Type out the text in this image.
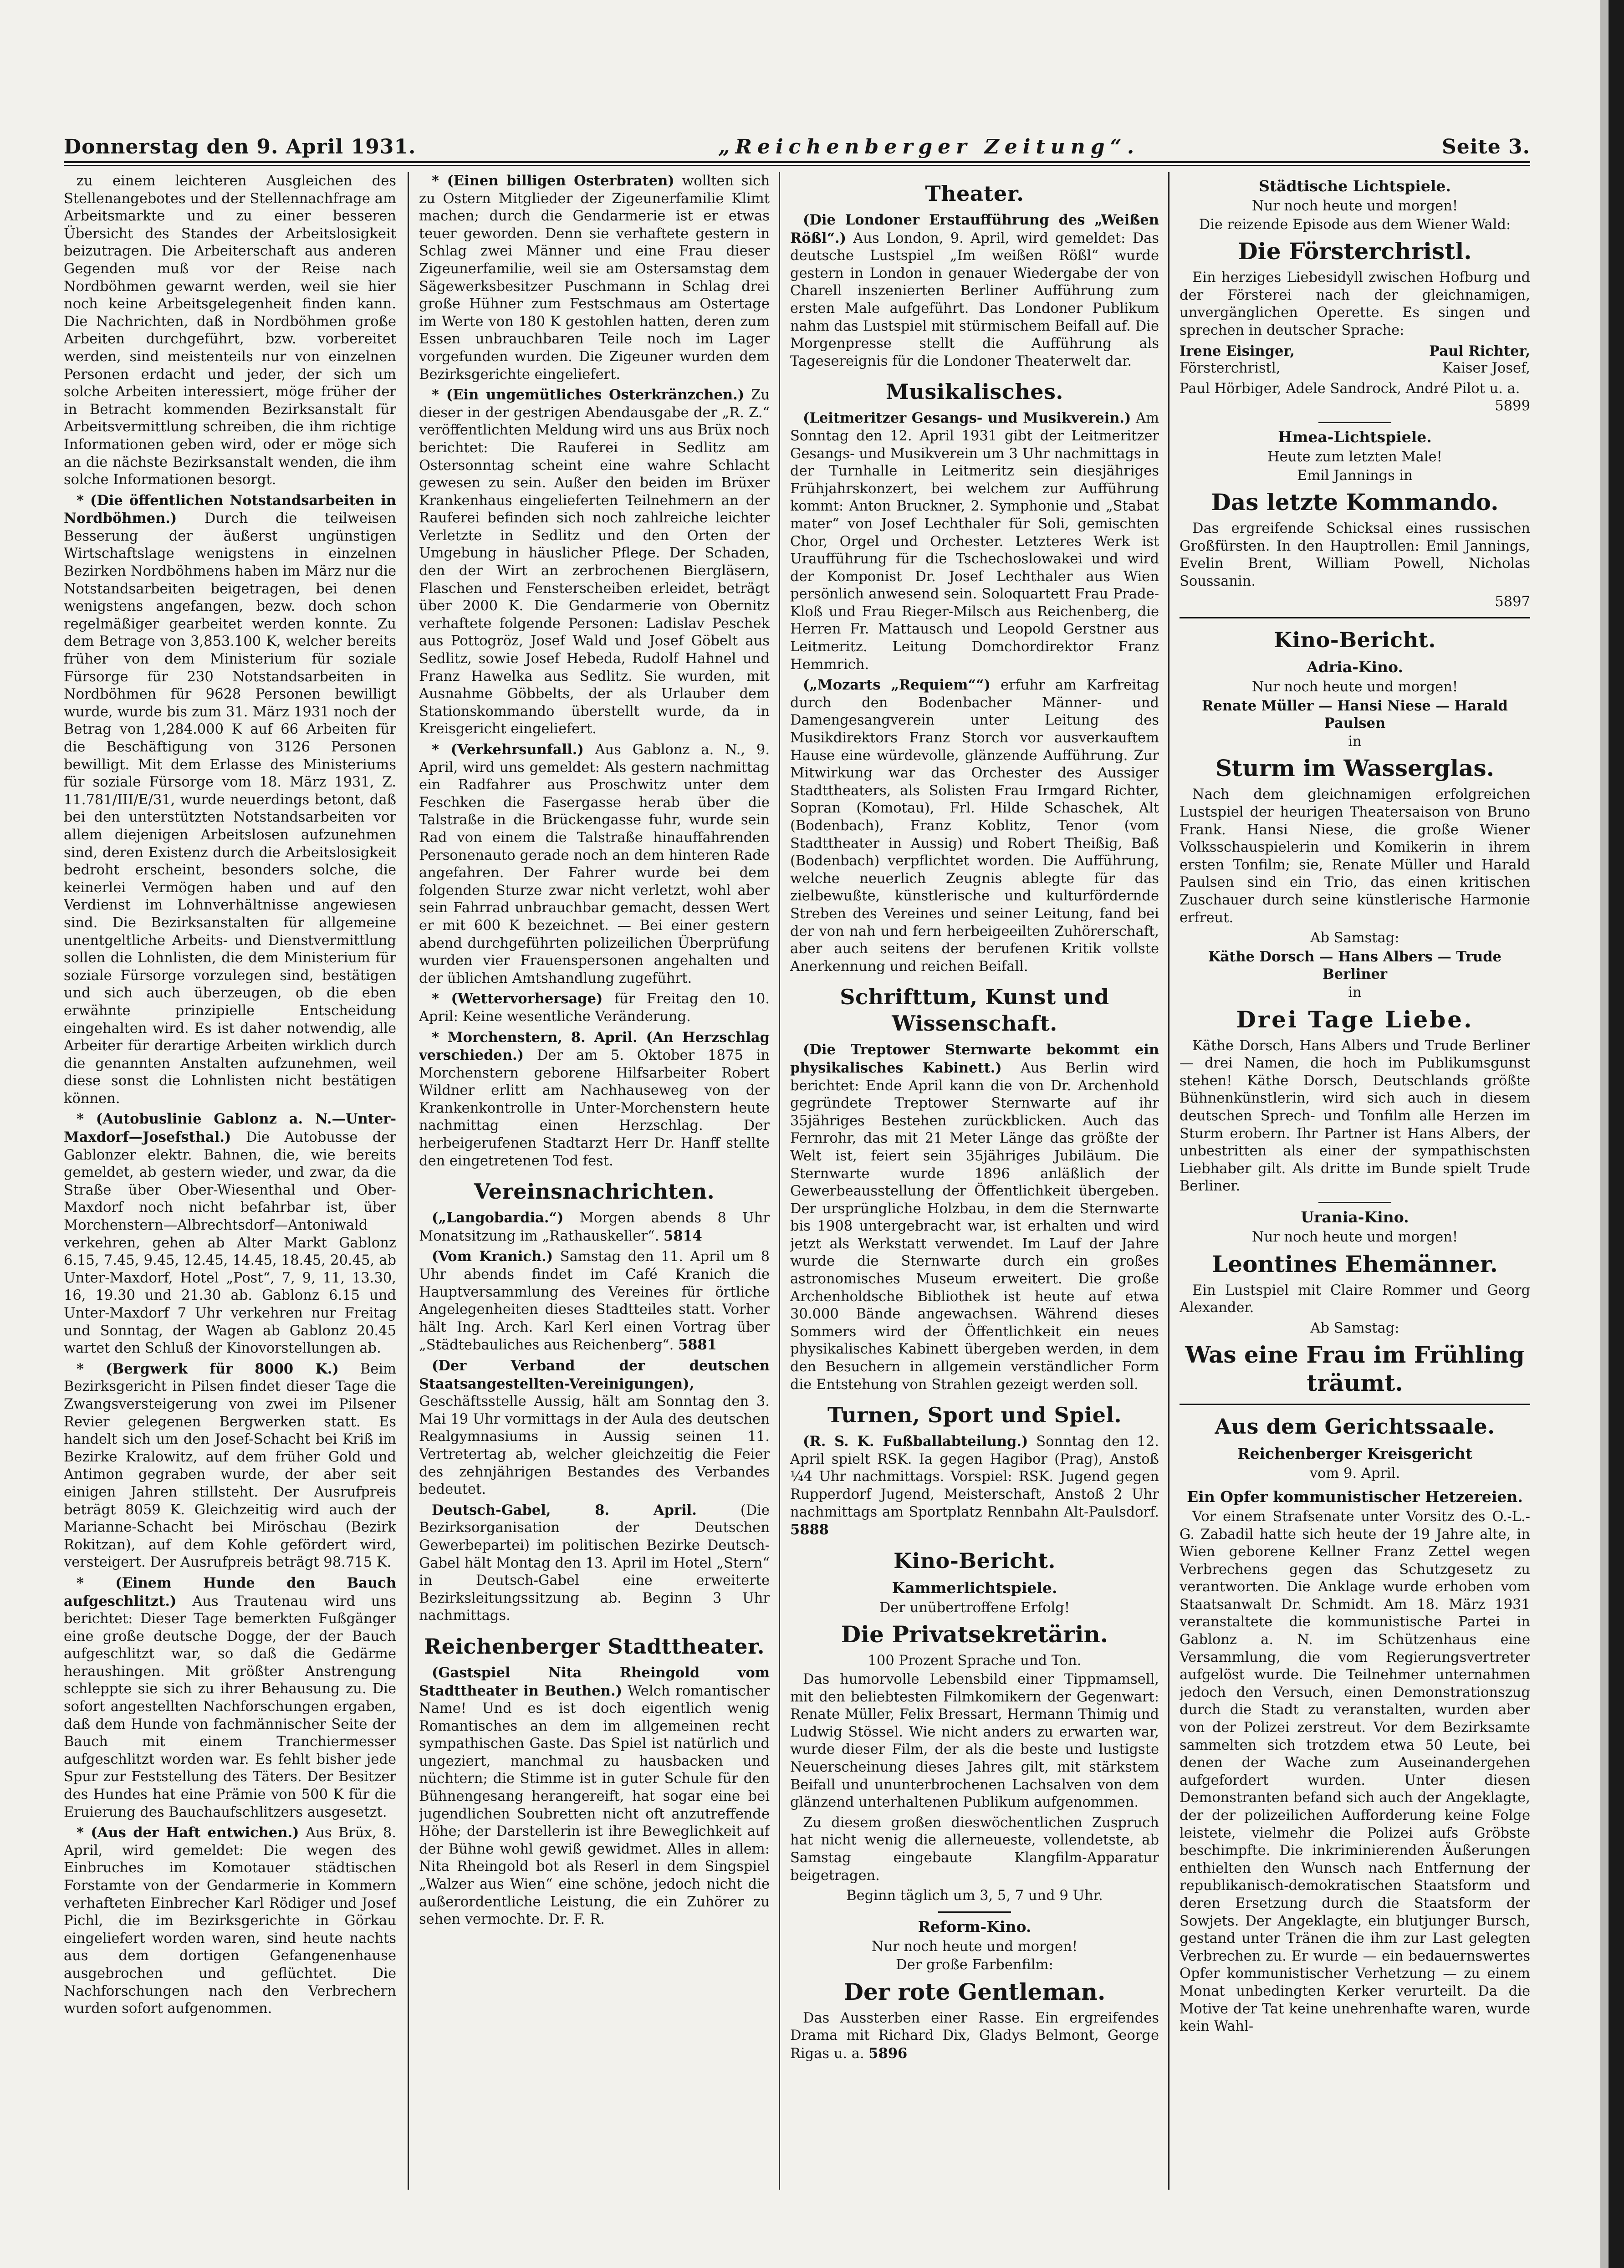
Donnerstag den 9. April 1931.	„Reichenberger Zeitung“.	Seite 3.

zu einem leichteren Ausgleichen des Stellenangebotes und der Stellennachfrage am Arbeitsmarkte und zu einer besseren Übersicht des Standes der Arbeitslosigkeit beizutragen. Die Arbeiterschaft aus anderen Gegenden muß vor der Reise nach Nordböhmen gewarnt werden, weil sie hier noch keine Arbeitsgelegenheit finden kann. Die Nachrichten, daß in Nordböhmen große Arbeiten durchgeführt, bzw. vorbereitet werden, sind meistenteils nur von einzelnen Personen erdacht und jeder, der sich um solche Arbeiten interessiert, möge früher der in Betracht kommenden Bezirksanstalt für Arbeitsvermittlung schreiben, die ihm richtige Informationen geben wird, oder er möge sich an die nächste Bezirksanstalt wenden, die ihm solche Informationen besorgt.

* (Die öffentlichen Notstandsarbeiten in Nordböhmen.) Durch die teilweisen Besserung der äußerst ungünstigen Wirtschaftslage wenigstens in einzelnen Bezirken Nordböhmens haben im März nur die Notstandsarbeiten beigetragen, bei denen wenigstens angefangen, bezw. doch schon regelmäßiger gearbeitet werden konnte. Zu dem Betrage von 3,853.100 K, welcher bereits früher von dem Ministerium für soziale Fürsorge für 230 Notstandsarbeiten in Nordböhmen für 9628 Personen bewilligt wurde, wurde bis zum 31. März 1931 noch der Betrag von 1,284.000 K auf 66 Arbeiten für die Beschäftigung von 3126 Personen bewilligt. Mit dem Erlasse des Ministeriums für soziale Fürsorge vom 18. März 1931, Z. 11.781/III/E/31, wurde neuerdings betont, daß bei den unterstützten Notstandsarbeiten vor allem diejenigen Arbeitslosen aufzunehmen sind, deren Existenz durch die Arbeitslosigkeit bedroht erscheint, besonders solche, die keinerlei Vermögen haben und auf den Verdienst im Lohnverhältnisse angewiesen sind. Die Bezirksanstalten für allgemeine unentgeltliche Arbeits- und Dienstvermittlung sollen die Lohnlisten, die dem Ministerium für soziale Fürsorge vorzulegen sind, bestätigen und sich auch überzeugen, ob die eben erwähnte prinzipielle Entscheidung eingehalten wird. Es ist daher notwendig, alle Arbeiter für derartige Arbeiten wirklich durch die genannten Anstalten aufzunehmen, weil diese sonst die Lohnlisten nicht bestätigen können.

* (Autobuslinie Gablonz a. N.—Unter-Maxdorf—Josefsthal.) Die Autobusse der Gablonzer elektr. Bahnen, die, wie bereits gemeldet, ab gestern wieder, und zwar, da die Straße über Ober-Wiesenthal und Ober-Maxdorf noch nicht befahrbar ist, über Morchenstern—Albrechtsdorf—Antoniwald verkehren, gehen ab Alter Markt Gablonz 6.15, 7.45, 9.45, 12.45, 14.45, 18.45, 20.45, ab Unter-Maxdorf, Hotel „Post“, 7, 9, 11, 13.30, 16, 19.30 und 21.30 ab. Gablonz 6.15 und Unter-Maxdorf 7 Uhr verkehren nur Freitag und Sonntag, der Wagen ab Gablonz 20.45 wartet den Schluß der Kinovorstellungen ab.

* (Bergwerk für 8000 K.) Beim Bezirksgericht in Pilsen findet dieser Tage die Zwangsversteigerung von zwei im Pilsener Revier gelegenen Bergwerken statt. Es handelt sich um den Josef-Schacht bei Kriß im Bezirke Kralowitz, auf dem früher Gold und Antimon gegraben wurde, der aber seit einigen Jahren stillsteht. Der Ausrufpreis beträgt 8059 K. Gleichzeitig wird auch der Marianne-Schacht bei Miröschau (Bezirk Rokitzan), auf dem Kohle gefördert wird, versteigert. Der Ausrufpreis beträgt 98.715 K.

* (Einem Hunde den Bauch aufgeschlitzt.) Aus Trautenau wird uns berichtet: Dieser Tage bemerkten Fußgänger eine große deutsche Dogge, der der Bauch aufgeschlitzt war, so daß die Gedärme heraushingen. Mit größter Anstrengung schleppte sie sich zu ihrer Behausung zu. Die sofort angestellten Nachforschungen ergaben, daß dem Hunde von fachmännischer Seite der Bauch mit einem Tranchiermesser aufgeschlitzt worden war. Es fehlt bisher jede Spur zur Feststellung des Täters. Der Besitzer des Hundes hat eine Prämie von 500 K für die Eruierung des Bauchaufschlitzers ausgesetzt.

* (Aus der Haft entwichen.) Aus Brüx, 8. April, wird gemeldet: Die wegen des Einbruches im Komotauer städtischen Forstamte von der Gendarmerie in Kommern verhafteten Einbrecher Karl Rödiger und Josef Pichl, die im Bezirksgerichte in Görkau eingeliefert worden waren, sind heute nachts aus dem dortigen Gefangenenhause ausgebrochen und geflüchtet. Die Nachforschungen nach den Verbrechern wurden sofort aufgenommen.

* (Einen billigen Osterbraten) wollten sich zu Ostern Mitglieder der Zigeunerfamilie Klimt machen; durch die Gendarmerie ist er etwas teuer geworden. Denn sie verhaftete gestern in Schlag zwei Männer und eine Frau dieser Zigeunerfamilie, weil sie am Ostersamstag dem Sägewerksbesitzer Puschmann in Schlag drei große Hühner zum Festschmaus am Ostertage im Werte von 180 K gestohlen hatten, deren zum Essen unbrauchbaren Teile noch im Lager vorgefunden wurden. Die Zigeuner wurden dem Bezirksgerichte eingeliefert.

* (Ein ungemütliches Osterkränzchen.) Zu dieser in der gestrigen Abendausgabe der „R. Z.“ veröffentlichten Meldung wird uns aus Brüx noch berichtet: Die Rauferei in Sedlitz am Ostersonntag scheint eine wahre Schlacht gewesen zu sein. Außer den beiden im Brüxer Krankenhaus eingelieferten Teilnehmern an der Rauferei befinden sich noch zahlreiche leichter Verletzte in Sedlitz und den Orten der Umgebung in häuslicher Pflege. Der Schaden, den der Wirt an zerbrochenen Biergläsern, Flaschen und Fensterscheiben erleidet, beträgt über 2000 K. Die Gendarmerie von Obernitz verhaftete folgende Personen: Ladislav Peschek aus Pottogröz, Josef Wald und Josef Göbelt aus Sedlitz, sowie Josef Hebeda, Rudolf Hahnel und Franz Hawelka aus Sedlitz. Sie wurden, mit Ausnahme Göbbelts, der als Urlauber dem Stationskommando überstellt wurde, da in Kreisgericht eingeliefert.

* (Verkehrsunfall.) Aus Gablonz a. N., 9. April, wird uns gemeldet: Als gestern nachmittag ein Radfahrer aus Proschwitz unter dem Feschken die Fasergasse herab über die Talstraße in die Brückengasse fuhr, wurde sein Rad von einem die Talstraße hinauffahrenden Personenauto gerade noch an dem hinteren Rade angefahren. Der Fahrer wurde bei dem folgenden Sturze zwar nicht verletzt, wohl aber sein Fahrrad unbrauchbar gemacht, dessen Wert er mit 600 K bezeichnet. — Bei einer gestern abend durchgeführten polizeilichen Überprüfung wurden vier Frauenspersonen angehalten und der üblichen Amtshandlung zugeführt.

* (Wettervorhersage) für Freitag den 10. April: Keine wesentliche Veränderung.

* Morchenstern, 8. April. (An Herzschlag verschieden.) Der am 5. Oktober 1875 in Morchenstern geborene Hilfsarbeiter Robert Wildner erlitt am Nachhauseweg von der Krankenkontrolle in Unter-Morchenstern heute nachmittag einen Herzschlag. Der herbeigerufenen Stadtarzt Herr Dr. Hanff stellte den eingetretenen Tod fest.

Vereinsnachrichten.

(„Langobardia.“) Morgen abends 8 Uhr Monatsitzung im „Rathauskeller“. 5814

(Vom Kranich.) Samstag den 11. April um 8 Uhr abends findet im Café Kranich die Hauptversammlung des Vereines für örtliche Angelegenheiten dieses Stadtteiles statt. Vorher hält Ing. Arch. Karl Kerl einen Vortrag über „Städtebauliches aus Reichenberg“. 5881

(Der Verband der deutschen Staatsangestellten-Vereinigungen), Geschäftsstelle Aussig, hält am Sonntag den 3. Mai 19 Uhr vormittags in der Aula des deutschen Realgymnasiums in Aussig seinen 11. Vertretertag ab, welcher gleichzeitig die Feier des zehnjährigen Bestandes des Verbandes bedeutet.

Deutsch-Gabel, 8. April.	(Die Bezirksorganisation der Deutschen Gewerbepartei) im politischen Bezirke Deutsch-Gabel hält Montag den 13. April im Hotel „Stern“ in Deutsch-Gabel eine erweiterte Bezirksleitungssitzung ab. Beginn 3 Uhr nachmittags.

Reichenberger Stadttheater.

(Gastspiel Nita Rheingold vom Stadttheater in Beuthen.) Welch romantischer Name! Und es ist doch eigentlich wenig Romantisches an dem im allgemeinen recht sympathischen Gaste. Das Spiel ist natürlich und ungeziert, manchmal zu hausbacken und nüchtern; die Stimme ist in guter Schule für den Bühnengesang herangereift, hat sogar eine bei jugendlichen Soubretten nicht oft anzutreffende Höhe; der Darstellerin ist ihre Beweglichkeit auf der Bühne wohl gewiß gewidmet. Alles in allem: Nita Rheingold bot als Reserl in dem Singspiel „Walzer aus Wien“ eine schöne, jedoch nicht die außerordentliche Leistung, die ein Zuhörer zu sehen vermochte. Dr. F. R.

Theater.

(Die Londoner Erstaufführung des „Weißen Rößl“.) Aus London, 9. April, wird gemeldet: Das deutsche Lustspiel „Im weißen Rößl“ wurde gestern in London in genauer Wiedergabe der von Charell inszenierten Berliner Aufführung zum ersten Male aufgeführt. Das Londoner Publikum nahm das Lustspiel mit stürmischem Beifall auf. Die Morgenpresse stellt die Aufführung als Tagesereignis für die Londoner Theaterwelt dar.

Musikalisches.

(Leitmeritzer Gesangs- und Musikverein.) Am Sonntag den 12. April 1931 gibt der Leitmeritzer Gesangs- und Musikverein um 3 Uhr nachmittags in der Turnhalle in Leitmeritz sein diesjähriges Frühjahrskonzert, bei welchem zur Aufführung kommt: Anton Bruckner, 2. Symphonie und „Stabat mater“ von Josef Lechthaler für Soli, gemischten Chor, Orgel und Orchester. Letzteres Werk ist Uraufführung für die Tschechoslowakei und wird der Komponist Dr. Josef Lechthaler aus Wien persönlich anwesend sein. Soloquartett Frau Prade-Kloß und Frau Rieger-Milsch aus Reichenberg, die Herren Fr. Mattausch und Leopold Gerstner aus Leitmeritz. Leitung Domchordirektor Franz Hemmrich.

(„Mozarts „Requiem““) erfuhr am Karfreitag durch den Bodenbacher Männer- und Damengesangverein unter Leitung des Musikdirektors Franz Storch vor ausverkauftem Hause eine würdevolle, glänzende Aufführung. Zur Mitwirkung war das Orchester des Aussiger Stadttheaters, als Solisten Frau Irmgard Richter, Sopran (Komotau), Frl. Hilde Schaschek, Alt (Bodenbach), Franz Koblitz, Tenor (vom Stadttheater in Aussig) und Robert Theißig, Baß (Bodenbach) verpflichtet worden. Die Aufführung, welche neuerlich Zeugnis ablegte für das zielbewußte, künstlerische und kulturfördernde Streben des Vereines und seiner Leitung, fand bei der von nah und fern herbeigeeilten Zuhörerschaft, aber auch seitens der berufenen Kritik vollste Anerkennung und reichen Beifall.

Schrifttum, Kunst und Wissenschaft.

(Die Treptower Sternwarte bekommt ein physikalisches Kabinett.) Aus Berlin wird berichtet: Ende April kann die von Dr. Archenhold gegründete Treptower Sternwarte auf ihr 35jähriges Bestehen zurückblicken. Auch das Fernrohr, das mit 21 Meter Länge das größte der Welt ist, feiert sein 35jähriges Jubiläum. Die Sternwarte wurde 1896 anläßlich der Gewerbeausstellung der Öffentlichkeit übergeben. Der ursprüngliche Holzbau, in dem die Sternwarte bis 1908 untergebracht war, ist erhalten und wird jetzt als Werkstatt verwendet. Im Lauf der Jahre wurde die Sternwarte durch ein großes astronomisches Museum erweitert. Die große Archenholdsche Bibliothek ist heute auf etwa 30.000 Bände angewachsen. Während dieses Sommers wird der Öffentlichkeit ein neues physikalisches Kabinett übergeben werden, in dem den Besuchern in allgemein verständlicher Form die Entstehung von Strahlen gezeigt werden soll.

Turnen, Sport und Spiel.

(R. S. K. Fußballabteilung.) Sonntag den 12. April spielt RSK. Ia gegen Hagibor (Prag), Anstoß ¼4 Uhr nachmittags. Vorspiel: RSK. Jugend gegen Rupperdorf Jugend, Meisterschaft, Anstoß 2 Uhr nachmittags am Sportplatz Rennbahn Alt-Paulsdorf. 5888

Kino-Bericht.
Kammerlichtspiele.
Der unübertroffene Erfolg!
Die Privatsekretärin.
100 Prozent Sprache und Ton.

Das humorvolle Lebensbild einer Tippmamsell, mit den beliebtesten Filmkomikern der Gegenwart: Renate Müller, Felix Bressart, Hermann Thimig und Ludwig Stössel. Wie nicht anders zu erwarten war, wurde dieser Film, der als die beste und lustigste Neuerscheinung dieses Jahres gilt, mit stärkstem Beifall und ununterbrochenen Lachsalven von dem glänzend unterhaltenen Publikum aufgenommen.

Zu diesem großen dieswöchentlichen Zuspruch hat nicht wenig die allerneueste, vollendetste, ab Samstag eingebaute Klangfilm-Apparatur beigetragen.

Beginn täglich um 3, 5, 7 und 9 Uhr.
Reform-Kino.
Nur noch heute und morgen!
Der große Farbenfilm:
Der rote Gentleman.

Das Aussterben einer Rasse. Ein ergreifendes Drama mit Richard Dix, Gladys Belmont, George Rigas u. a. 5896

Städtische Lichtspiele.
Nur noch heute und morgen!
Die reizende Episode aus dem Wiener Wald:
Die Försterchristl.

Ein herziges Liebesidyll zwischen Hofburg und der Försterei nach der gleichnamigen, unvergänglichen Operette. Es singen und sprechen in deutscher Sprache:

Irene Eisinger,	Paul Richter,
Försterchristl,	Kaiser Josef,
Paul Hörbiger, Adele Sandrock, André Pilot u. a.
5899
Hmea-Lichtspiele.
Heute zum letzten Male!
Emil Jannings in
Das letzte Kommando.

Das ergreifende Schicksal eines russischen Großfürsten. In den Hauptrollen: Emil Jannings, Evelin Brent, William Powell, Nicholas Soussanin.

5897
Kino-Bericht.
Adria-Kino.
Nur noch heute und morgen!
Renate Müller — Hansi Niese — Harald Paulsen
in
Sturm im Wasserglas.

Nach dem gleichnamigen erfolgreichen Lustspiel der heurigen Theatersaison von Bruno Frank. Hansi Niese, die große Wiener Volksschauspielerin und Komikerin in ihrem ersten Tonfilm; sie, Renate Müller und Harald Paulsen sind ein Trio, das einen kritischen Zuschauer durch seine künstlerische Harmonie erfreut.

Ab Samstag:
Käthe Dorsch — Hans Albers — Trude Berliner
in
Drei Tage Liebe.

Käthe Dorsch, Hans Albers und Trude Berliner — drei Namen, die hoch im Publikumsgunst stehen! Käthe Dorsch, Deutschlands größte Bühnenkünstlerin, wird sich auch in diesem deutschen Sprech- und Tonfilm alle Herzen im Sturm erobern. Ihr Partner ist Hans Albers, der unbestritten als einer der sympathischsten Liebhaber gilt. Als dritte im Bunde spielt Trude Berliner.

Urania-Kino.
Nur noch heute und morgen!
Leontines Ehemänner.

Ein Lustspiel mit Claire Rommer und Georg Alexander.

Ab Samstag:
Was eine Frau im Frühling träumt.
Aus dem Gerichtssaale.
Reichenberger Kreisgericht
vom 9. April.
Ein Opfer kommunistischer Hetzereien.

Vor einem Strafsenate unter Vorsitz des O.-L.-G. Zabadil hatte sich heute der 19 Jahre alte, in Wien geborene Kellner Franz Zettel wegen Verbrechens gegen das Schutzgesetz zu verantworten. Die Anklage wurde erhoben vom Staatsanwalt Dr. Schmidt. Am 18. März 1931 veranstaltete die kommunistische Partei in Gablonz a. N. im Schützenhaus eine Versammlung, die vom Regierungsvertreter aufgelöst wurde. Die Teilnehmer unternahmen jedoch den Versuch, einen Demonstrationszug durch die Stadt zu veranstalten, wurden aber von der Polizei zerstreut. Vor dem Bezirksamte sammelten sich trotzdem etwa 50 Leute, bei denen der Wache zum Auseinandergehen aufgefordert wurden. Unter diesen Demonstranten befand sich auch der Angeklagte, der der polizeilichen Aufforderung keine Folge leistete, vielmehr die Polizei aufs Gröbste beschimpfte. Die inkriminierenden Äußerungen enthielten den Wunsch nach Entfernung der republikanisch-demokratischen Staatsform und deren Ersetzung durch die Staatsform der Sowjets. Der Angeklagte, ein blutjunger Bursch, gestand unter Tränen die ihm zur Last gelegten Verbrechen zu. Er wurde — ein bedauernswertes Opfer kommunistischer Verhetzung — zu einem Monat unbedingten Kerker verurteilt. Da die Motive der Tat keine unehrenhafte waren, wurde kein Wahl-
